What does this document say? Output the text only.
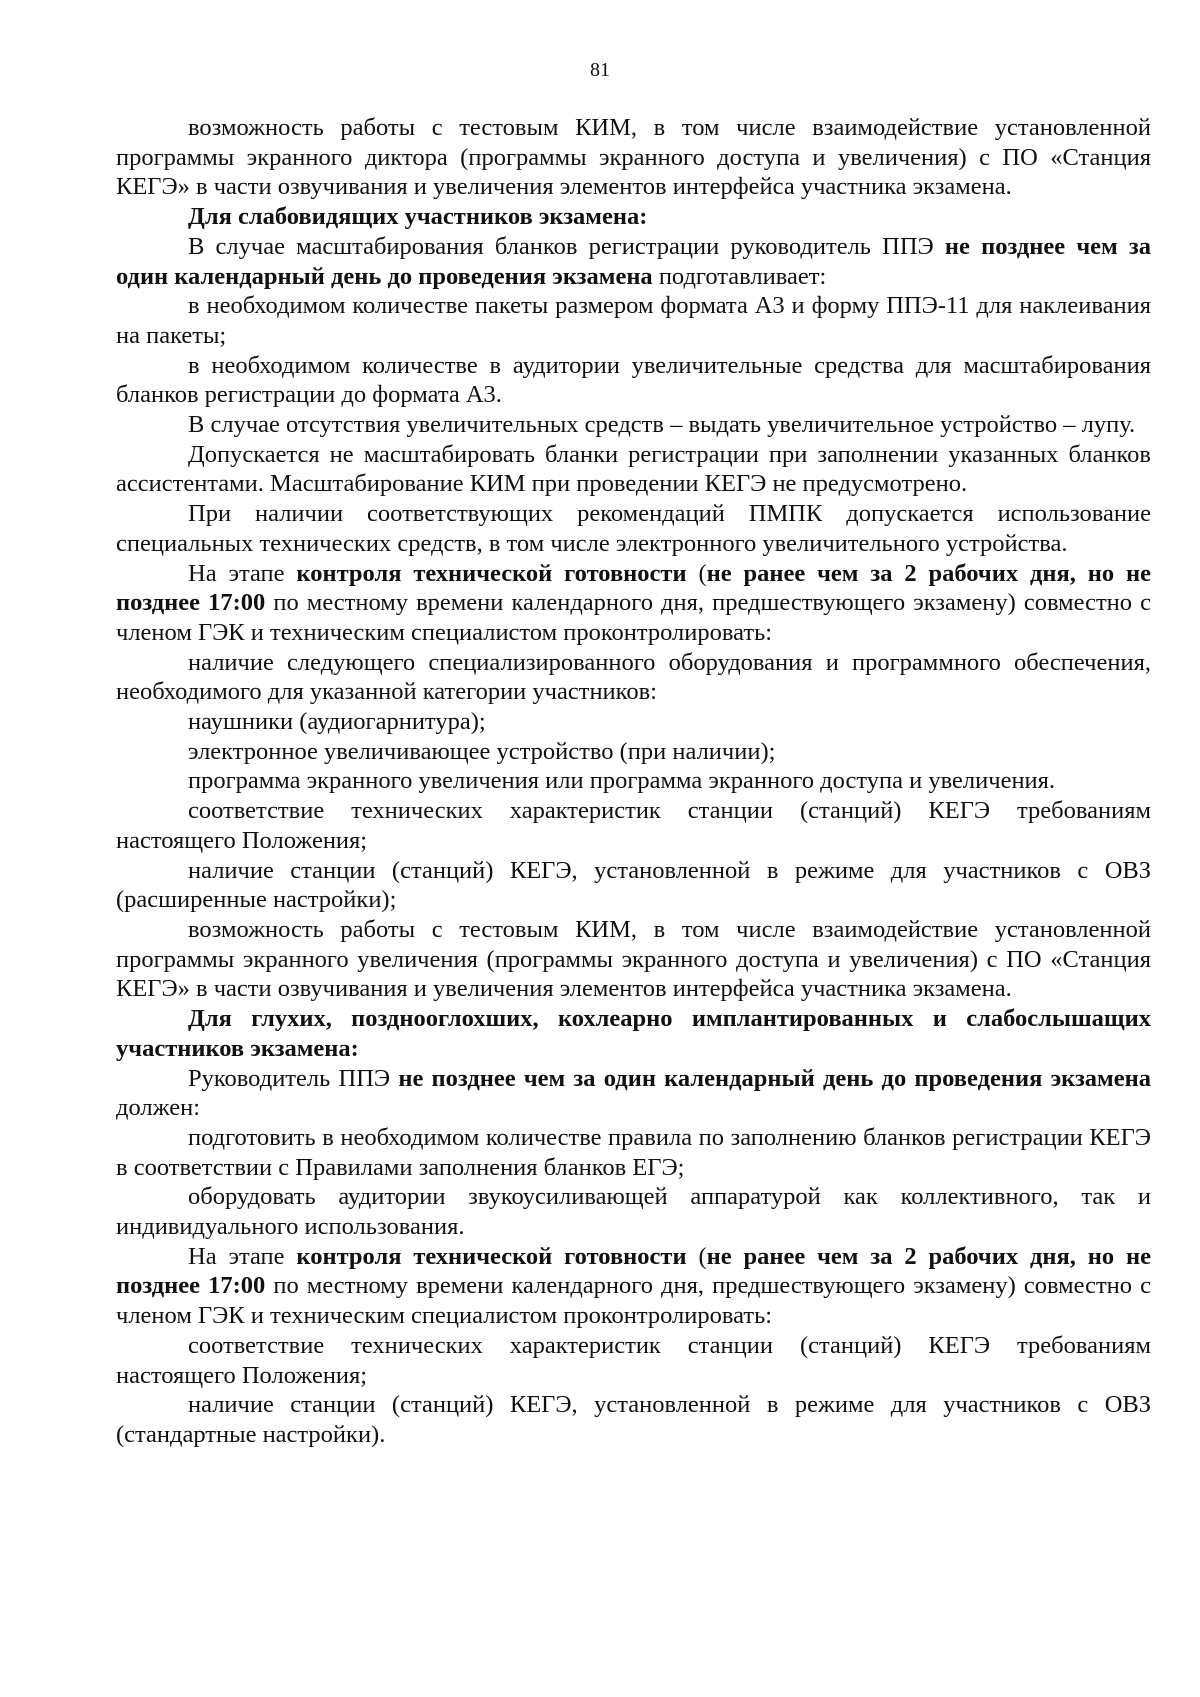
81

возможность работы с тестовым КИМ, в том числе взаимодействие установленной программы экранного диктора (программы экранного доступа и увеличения) с ПО «Станция КЕГЭ» в части озвучивания и увеличения элементов интерфейса участника экзамена.

Для слабовидящих участников экзамена:

В случае масштабирования бланков регистрации руководитель ППЭ не позднее чем за один календарный день до проведения экзамена подготавливает:

в необходимом количестве пакеты размером формата А3 и форму ППЭ-11 для наклеивания на пакеты;

в необходимом количестве в аудитории увеличительные средства для масштабирования бланков регистрации до формата А3.

В случае отсутствия увеличительных средств – выдать увеличительное устройство – лупу.

Допускается не масштабировать бланки регистрации при заполнении указанных бланков ассистентами. Масштабирование КИМ при проведении КЕГЭ не предусмотрено.

При наличии соответствующих рекомендаций ПМПК допускается использование специальных технических средств, в том числе электронного увеличительного устройства.

На этапе контроля технической готовности (не ранее чем за 2 рабочих дня, но не позднее 17:00 по местному времени календарного дня, предшествующего экзамену) совместно с членом ГЭК и техническим специалистом проконтролировать:

наличие следующего специализированного оборудования и программного обеспечения, необходимого для указанной категории участников:

наушники (аудиогарнитура);

электронное увеличивающее устройство (при наличии);

программа экранного увеличения или программа экранного доступа и увеличения.

соответствие технических характеристик станции (станций) КЕГЭ требованиям настоящего Положения;

наличие станции (станций) КЕГЭ, установленной в режиме для участников с ОВЗ (расширенные настройки);

возможность работы с тестовым КИМ, в том числе взаимодействие установленной программы экранного увеличения (программы экранного доступа и увеличения) с ПО «Станция КЕГЭ» в части озвучивания и увеличения элементов интерфейса участника экзамена.

Для глухих, позднооглохших, кохлеарно имплантированных и слабослышащих участников экзамена:

Руководитель ППЭ не позднее чем за один календарный день до проведения экзамена должен:

подготовить в необходимом количестве правила по заполнению бланков регистрации КЕГЭ в соответствии с Правилами заполнения бланков ЕГЭ;

оборудовать аудитории звукоусиливающей аппаратурой как коллективного, так и индивидуального использования.

На этапе контроля технической готовности (не ранее чем за 2 рабочих дня, но не позднее 17:00 по местному времени календарного дня, предшествующего экзамену) совместно с членом ГЭК и техническим специалистом проконтролировать:

соответствие технических характеристик станции (станций) КЕГЭ требованиям настоящего Положения;

наличие станции (станций) КЕГЭ, установленной в режиме для участников с ОВЗ (стандартные настройки).
